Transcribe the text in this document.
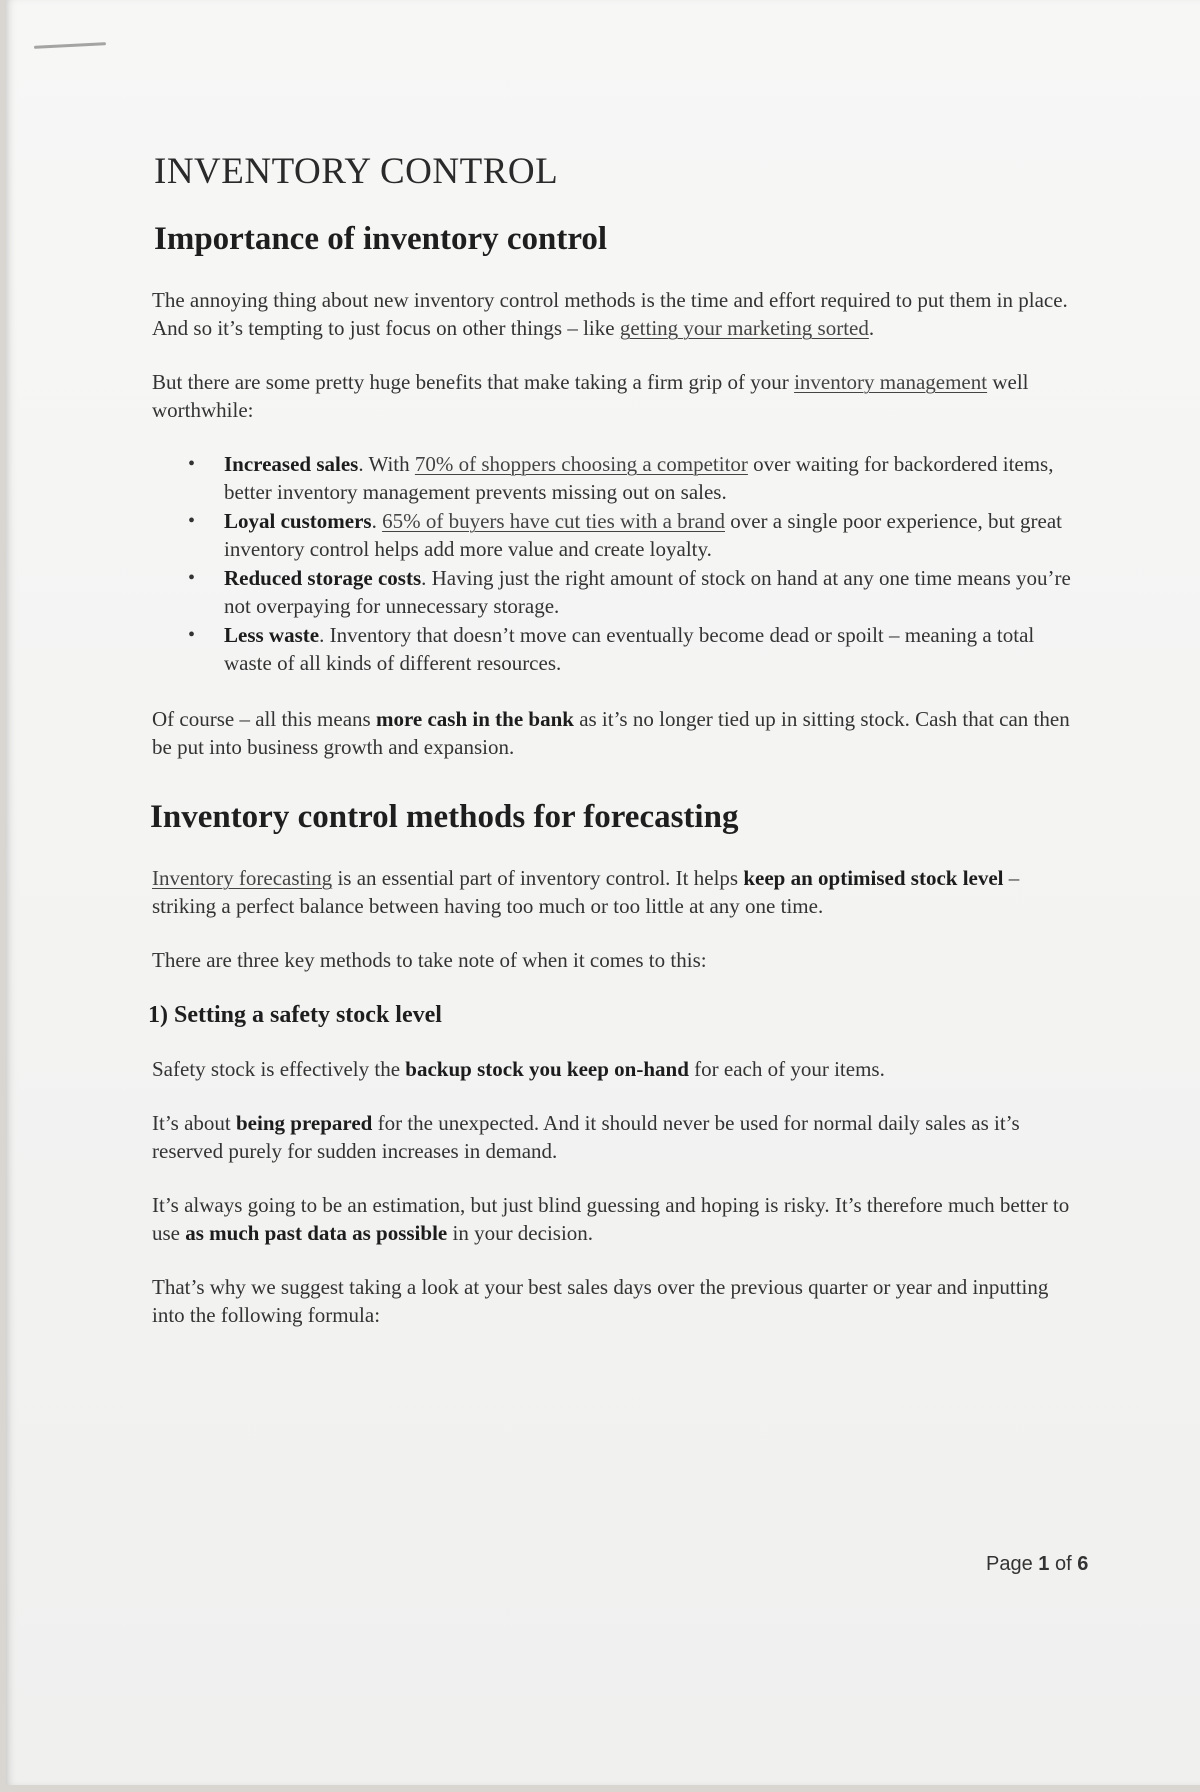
INVENTORY CONTROL
Importance of inventory control

The annoying thing about new inventory control methods is the time and effort required to put them in place. And so it’s tempting to just focus on other things – like getting your marketing sorted.

But there are some pretty huge benefits that make taking a firm grip of your inventory management well worthwhile:

• Increased sales. With 70% of shoppers choosing a competitor over waiting for backordered items, better inventory management prevents missing out on sales.
• Loyal customers. 65% of buyers have cut ties with a brand over a single poor experience, but great inventory control helps add more value and create loyalty.
• Reduced storage costs. Having just the right amount of stock on hand at any one time means you’re not overpaying for unnecessary storage.
• Less waste. Inventory that doesn’t move can eventually become dead or spoilt – meaning a total waste of all kinds of different resources.

Of course – all this means more cash in the bank as it’s no longer tied up in sitting stock. Cash that can then be put into business growth and expansion.

Inventory control methods for forecasting

Inventory forecasting is an essential part of inventory control. It helps keep an optimised stock level – striking a perfect balance between having too much or too little at any one time.

There are three key methods to take note of when it comes to this:

1) Setting a safety stock level

Safety stock is effectively the backup stock you keep on-hand for each of your items.

It’s about being prepared for the unexpected. And it should never be used for normal daily sales as it’s reserved purely for sudden increases in demand.

It’s always going to be an estimation, but just blind guessing and hoping is risky. It’s therefore much better to use as much past data as possible in your decision.

That’s why we suggest taking a look at your best sales days over the previous quarter or year and inputting into the following formula:

Page 1 of 6
